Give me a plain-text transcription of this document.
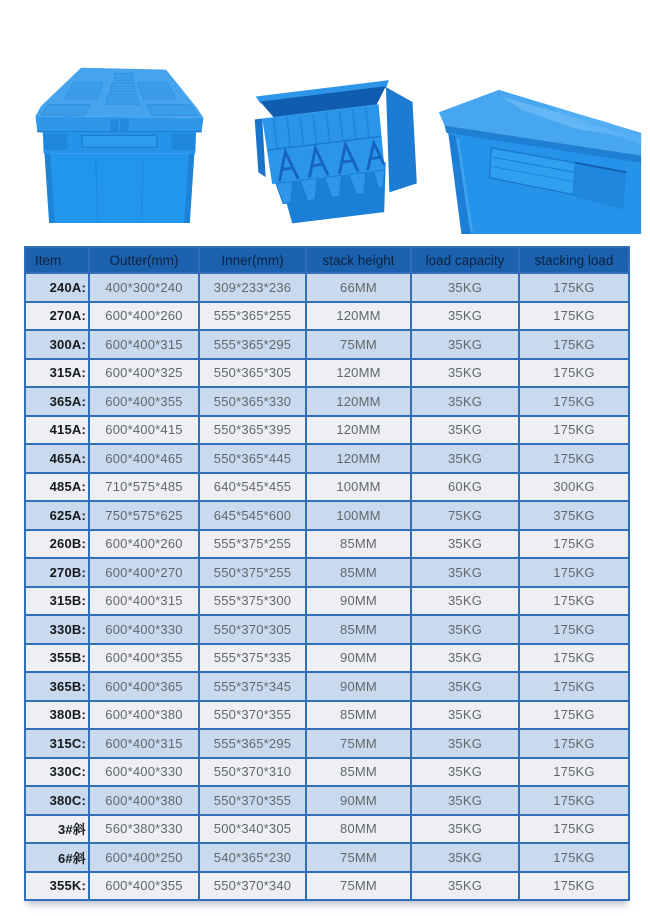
Item	Outter(mm)	Inner(mm)	stack height	load capacity	stacking load
240A:	400*300*240	309*233*236	66MM	35KG	175KG
270A:	600*400*260	555*365*255	120MM	35KG	175KG
300A:	600*400*315	555*365*295	75MM	35KG	175KG
315A:	600*400*325	550*365*305	120MM	35KG	175KG
365A:	600*400*355	550*365*330	120MM	35KG	175KG
415A:	600*400*415	550*365*395	120MM	35KG	175KG
465A:	600*400*465	550*365*445	120MM	35KG	175KG
485A:	710*575*485	640*545*455	100MM	60KG	300KG
625A:	750*575*625	645*545*600	100MM	75KG	375KG
260B:	600*400*260	555*375*255	85MM	35KG	175KG
270B:	600*400*270	550*375*255	85MM	35KG	175KG
315B:	600*400*315	555*375*300	90MM	35KG	175KG
330B:	600*400*330	550*370*305	85MM	35KG	175KG
355B:	600*400*355	555*375*335	90MM	35KG	175KG
365B:	600*400*365	555*375*345	90MM	35KG	175KG
380B:	600*400*380	550*370*355	85MM	35KG	175KG
315C:	600*400*315	555*365*295	75MM	35KG	175KG
330C:	600*400*330	550*370*310	85MM	35KG	175KG
380C:	600*400*380	550*370*355	90MM	35KG	175KG
3#斜	560*380*330	500*340*305	80MM	35KG	175KG
6#斜	600*400*250	540*365*230	75MM	35KG	175KG
355K:	600*400*355	550*370*340	75MM	35KG	175KG
